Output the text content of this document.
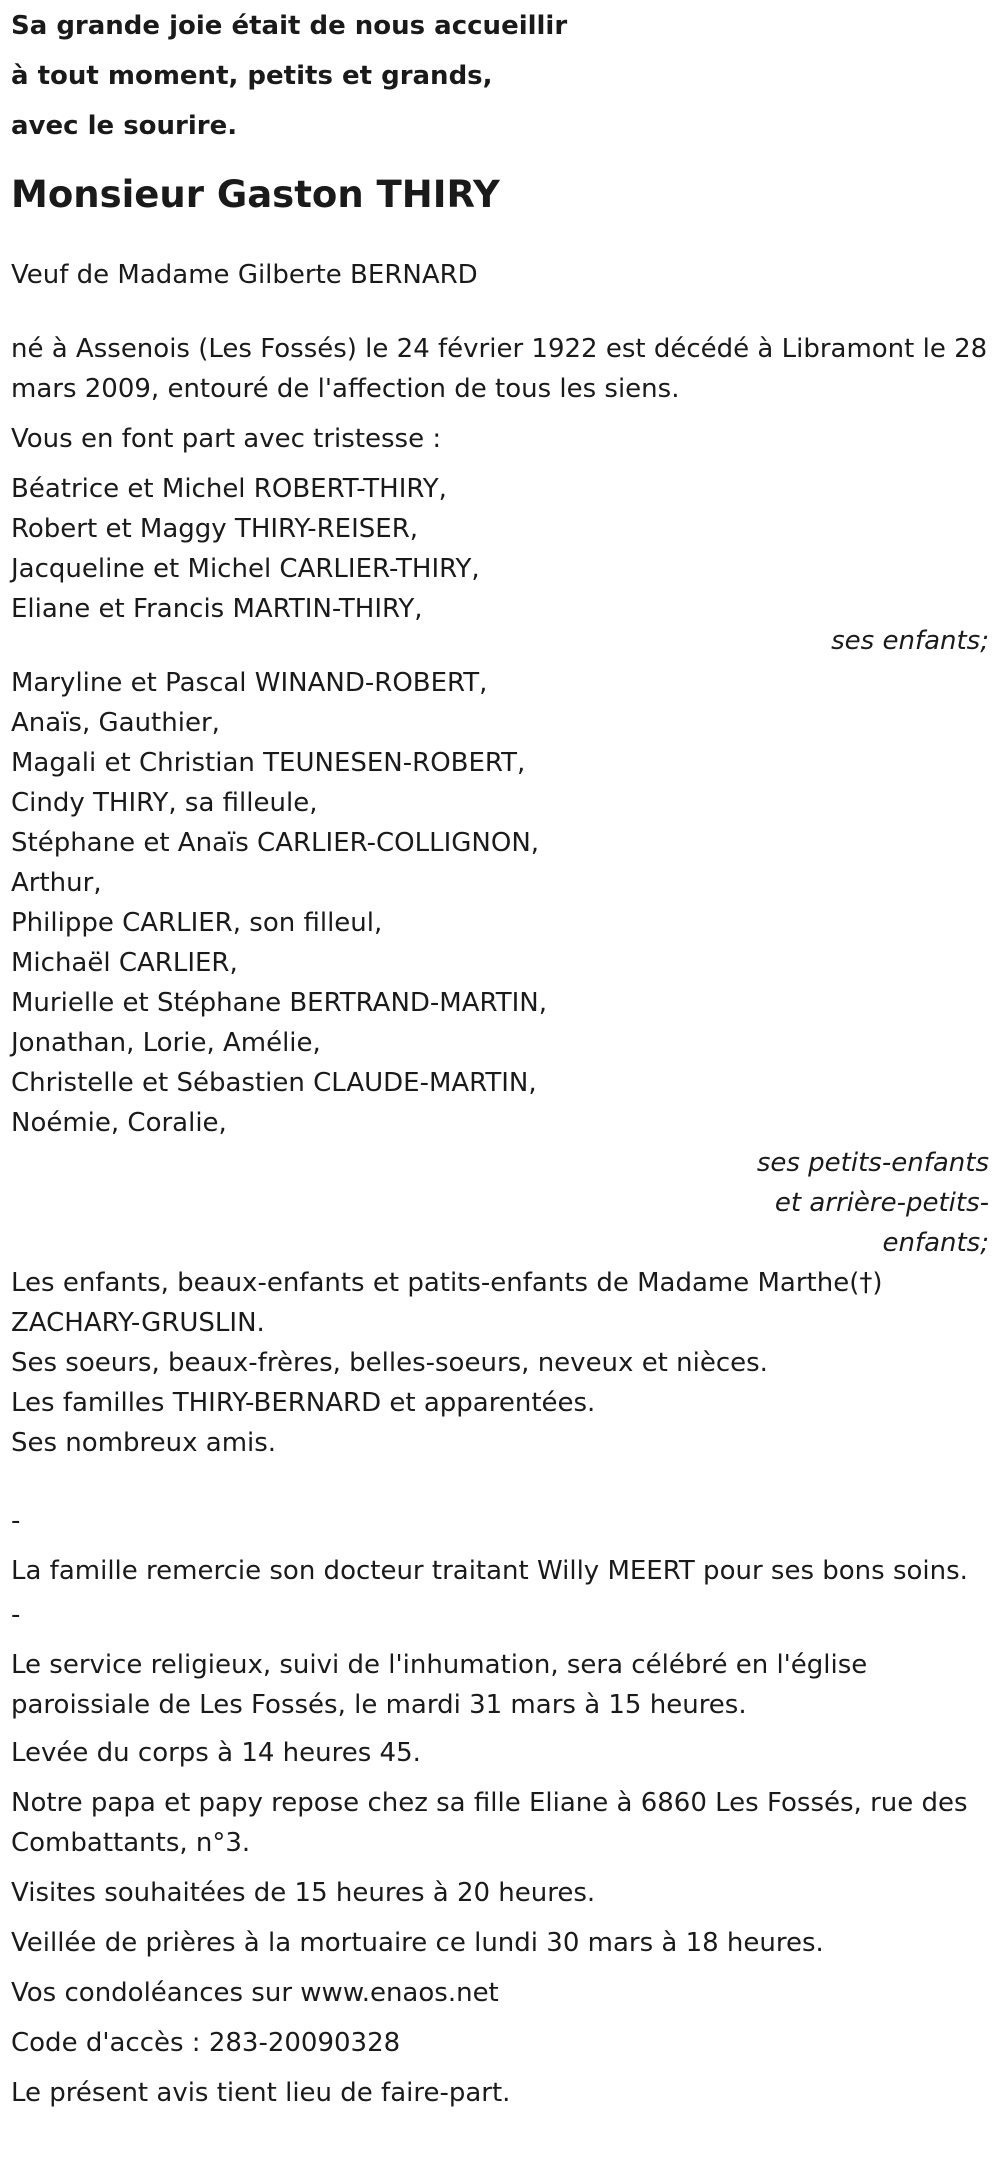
Sa grande joie était de nous accueillir
à tout moment, petits et grands,
avec le sourire.
Monsieur Gaston THIRY
Veuf de Madame Gilberte BERNARD
né à Assenois (Les Fossés) le 24 février 1922 est décédé à Libramont le 28 mars 2009, entouré de l'affection de tous les siens.
Vous en font part avec tristesse :
Béatrice et Michel ROBERT-THIRY,
Robert et Maggy THIRY-REISER,
Jacqueline et Michel CARLIER-THIRY,
Eliane et Francis MARTIN-THIRY,
ses enfants;
Maryline et Pascal WINAND-ROBERT,
Anaïs, Gauthier,
Magali et Christian TEUNESEN-ROBERT,
Cindy THIRY, sa filleule,
Stéphane et Anaïs CARLIER-COLLIGNON,
Arthur,
Philippe CARLIER, son filleul,
Michaël CARLIER,
Murielle et Stéphane BERTRAND-MARTIN,
Jonathan, Lorie, Amélie,
Christelle et Sébastien CLAUDE-MARTIN,
Noémie, Coralie,
ses petits-enfants
et arrière-petits-
enfants;
Les enfants, beaux-enfants et patits-enfants de Madame Marthe(†) ZACHARY-GRUSLIN.
Ses soeurs, beaux-frères, belles-soeurs, neveux et nièces.
Les familles THIRY-BERNARD et apparentées.
Ses nombreux amis.
-
La famille remercie son docteur traitant Willy MEERT pour ses bons soins.
-
Le service religieux, suivi de l'inhumation, sera célébré en l'église paroissiale de Les Fossés, le mardi 31 mars à 15 heures.
Levée du corps à 14 heures 45.
Notre papa et papy repose chez sa fille Eliane à 6860 Les Fossés, rue des Combattants, n°3.
Visites souhaitées de 15 heures à 20 heures.
Veillée de prières à la mortuaire ce lundi 30 mars à 18 heures.
Vos condoléances sur www.enaos.net
Code d'accès : 283-20090328
Le présent avis tient lieu de faire-part.
